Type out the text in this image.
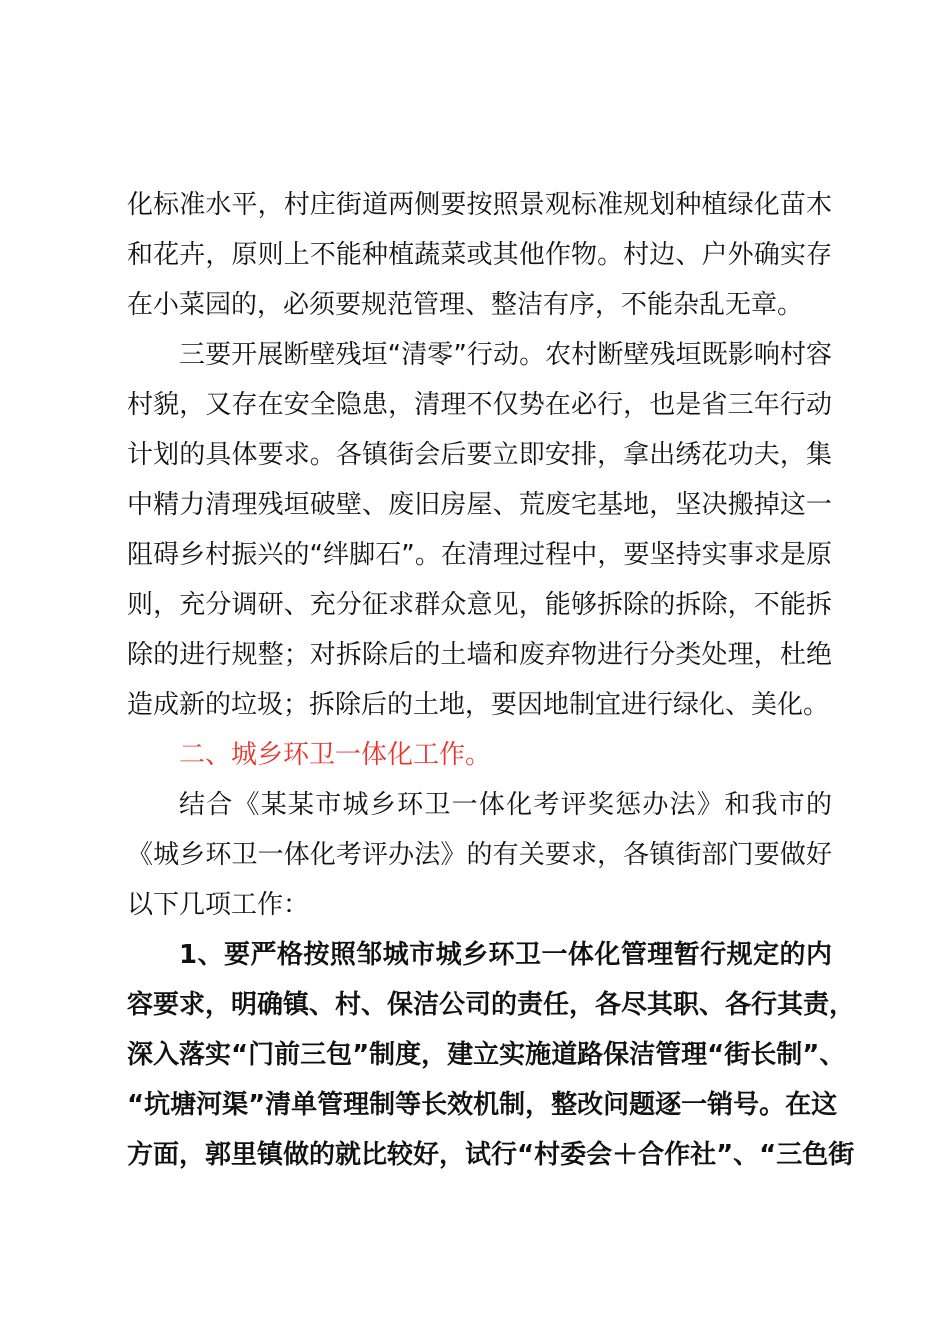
化标准水平，村庄街道两侧要按照景观标准规划种植绿化苗木
和花卉，原则上不能种植蔬菜或其他作物。村边、户外确实存
在小菜园的，必须要规范管理、整洁有序，不能杂乱无章。
三要开展断壁残垣“清零”行动。农村断壁残垣既影响村容
村貌，又存在安全隐患，清理不仅势在必行，也是省三年行动
计划的具体要求。各镇街会后要立即安排，拿出绣花功夫，集
中精力清理残垣破壁、废旧房屋、荒废宅基地，坚决搬掉这一
阻碍乡村振兴的“绊脚石”。在清理过程中，要坚持实事求是原
则，充分调研、充分征求群众意见，能够拆除的拆除，不能拆
除的进行规整；对拆除后的土墙和废弃物进行分类处理，杜绝
造成新的垃圾；拆除后的土地，要因地制宜进行绿化、美化。
二、城乡环卫一体化工作。
结合《某某市城乡环卫一体化考评奖惩办法》和我市的
《城乡环卫一体化考评办法》的有关要求，各镇街部门要做好
以下几项工作：
1、要严格按照邹城市城乡环卫一体化管理暂行规定的内
容要求，明确镇、村、保洁公司的责任，各尽其职、各行其责，
深入落实“门前三包”制度，建立实施道路保洁管理“街长制”、
“坑塘河渠”清单管理制等长效机制，整改问题逐一销号。在这
方面，郭里镇做的就比较好，试行“村委会＋合作社”、“三色街
